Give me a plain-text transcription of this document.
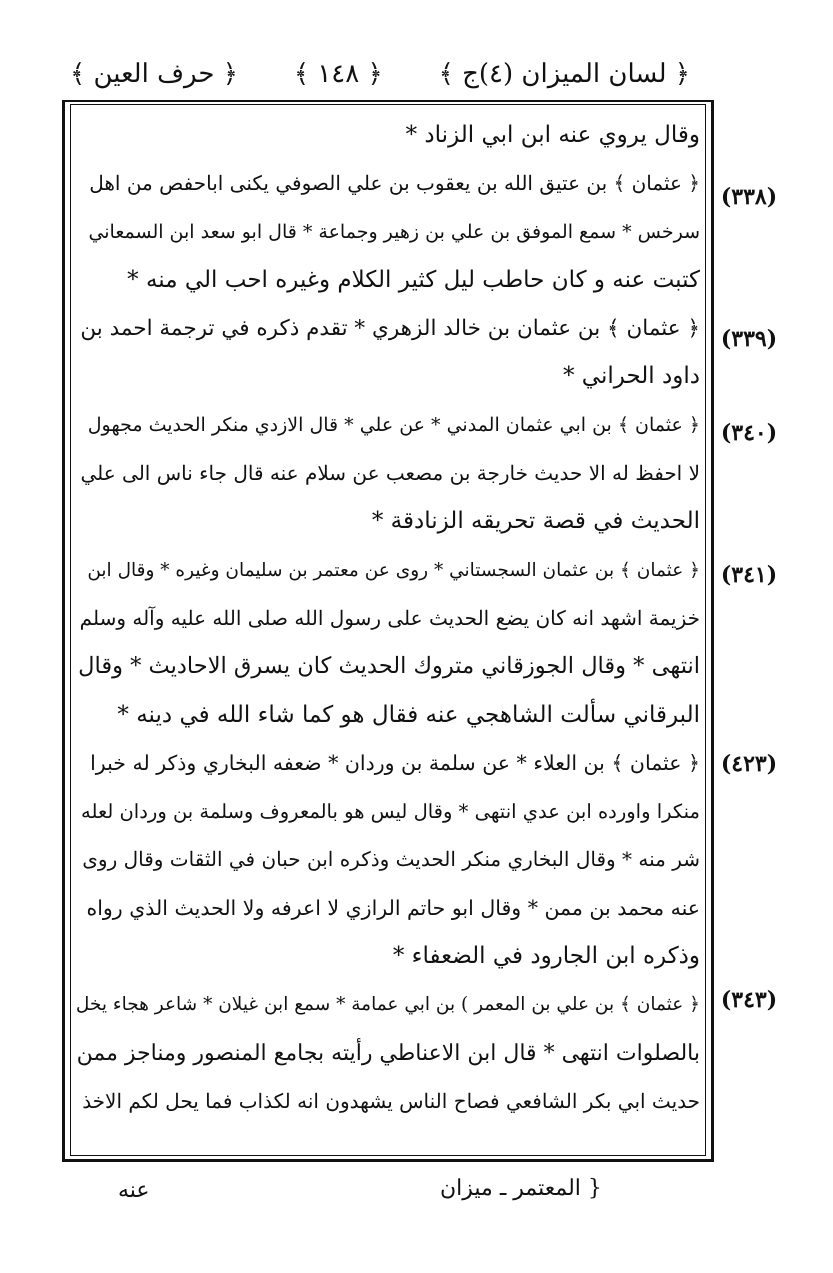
﴿ لسان الميزان (٤)ج ﴾
﴿ ١٤٨ ﴾
﴿ حرف العين ﴾
وقال يروي عنه ابن ابي الزناد *
﴿ عثمان ﴾ بن عتيق الله بن يعقوب بن علي الصوفي يكنى اباحفص من اهل
سرخس * سمع الموفق بن علي بن زهير وجماعة * قال ابو سعد ابن السمعاني
كتبت عنه و كان حاطب ليل كثير الكلام وغيره احب الي منه *
﴿ عثمان ﴾ بن عثمان بن خالد الزهري * تقدم ذكره في ترجمة احمد بن
داود الحراني *
﴿ عثمان ﴾ بن ابي عثمان المدني * عن علي * قال الازدي منكر الحديث مجهول
لا احفظ له الا حديث خارجة بن مصعب عن سلام عنه قال جاء ناس الى علي
الحديث في قصة تحريقه الزنادقة *
﴿ عثمان ﴾ بن عثمان السجستاني * روى عن معتمر بن سليمان وغيره * وقال ابن
خزيمة اشهد انه كان يضع الحديث على رسول الله صلى الله عليه وآله وسلم
انتهى * وقال الجوزقاني متروك الحديث كان يسرق الاحاديث * وقال
البرقاني سألت الشاهجي عنه فقال هو كما شاء الله في دينه *
﴿ عثمان ﴾ بن العلاء * عن سلمة بن وردان * ضعفه البخاري وذكر له خبرا
منكرا واورده ابن عدي انتهى * وقال ليس هو بالمعروف وسلمة بن وردان لعله
شر منه * وقال البخاري منكر الحديث وذكره ابن حبان في الثقات وقال روى
عنه محمد بن ممن * وقال ابو حاتم الرازي لا اعرفه ولا الحديث الذي رواه
وذكره ابن الجارود في الضعفاء *
﴿ عثمان ﴾ بن علي بن المعمر ) بن ابي عمامة * سمع ابن غيلان * شاعر هجاء يخل
بالصلوات انتهى * قال ابن الاعناطي رأيته بجامع المنصور ومناجز ممن
حديث ابي بكر الشافعي فصاح الناس يشهدون انه لكذاب فما يحل لكم الاخذ
(٣٣٨)
(٣٣٩)
(٣٤٠)
(٣٤١)
(٤٢٣)
(٣٤٣)
عنه	{ المعتمر ـ ميزان
